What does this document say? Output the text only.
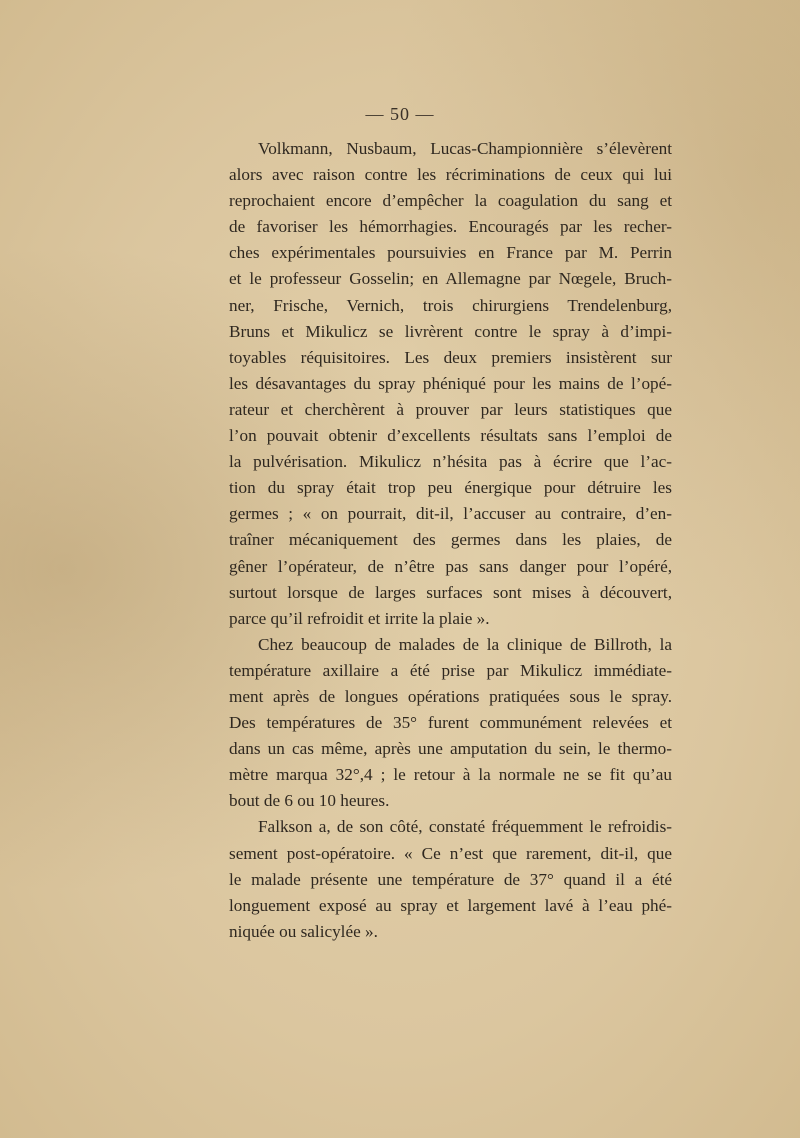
— 50 —
Volkmann, Nusbaum, Lucas-Championnière s’élevèrent
alors avec raison contre les récriminations de ceux qui lui
reprochaient encore d’empêcher la coagulation du sang et
de favoriser les hémorrhagies. Encouragés par les recher-
ches expérimentales poursuivies en France par M. Perrin
et le professeur Gosselin; en Allemagne par Nœgele, Bruch-
ner, Frische, Vernich, trois chirurgiens Trendelenburg,
Bruns et Mikulicz se livrèrent contre le spray à d’impi-
toyables réquisitoires. Les deux premiers insistèrent sur
les désavantages du spray phéniqué pour les mains de l’opé-
rateur et cherchèrent à prouver par leurs statistiques que
l’on pouvait obtenir d’excellents résultats sans l’emploi de
la pulvérisation. Mikulicz n’hésita pas à écrire que l’ac-
tion du spray était trop peu énergique pour détruire les
germes ; « on pourrait, dit-il, l’accuser au contraire, d’en-
traîner mécaniquement des germes dans les plaies, de
gêner l’opérateur, de n’être pas sans danger pour l’opéré,
surtout lorsque de larges surfaces sont mises à découvert,
parce qu’il refroidit et irrite la plaie ».
Chez beaucoup de malades de la clinique de Billroth, la
température axillaire a été prise par Mikulicz immédiate-
ment après de longues opérations pratiquées sous le spray.
Des températures de 35° furent communément relevées et
dans un cas même, après une amputation du sein, le thermo-
mètre marqua 32°,4 ; le retour à la normale ne se fit qu’au
bout de 6 ou 10 heures.
Falkson a, de son côté, constaté fréquemment le refroidis-
sement post-opératoire. « Ce n’est que rarement, dit-il, que
le malade présente une température de 37° quand il a été
longuement exposé au spray et largement lavé à l’eau phé-
niquée ou salicylée ».
